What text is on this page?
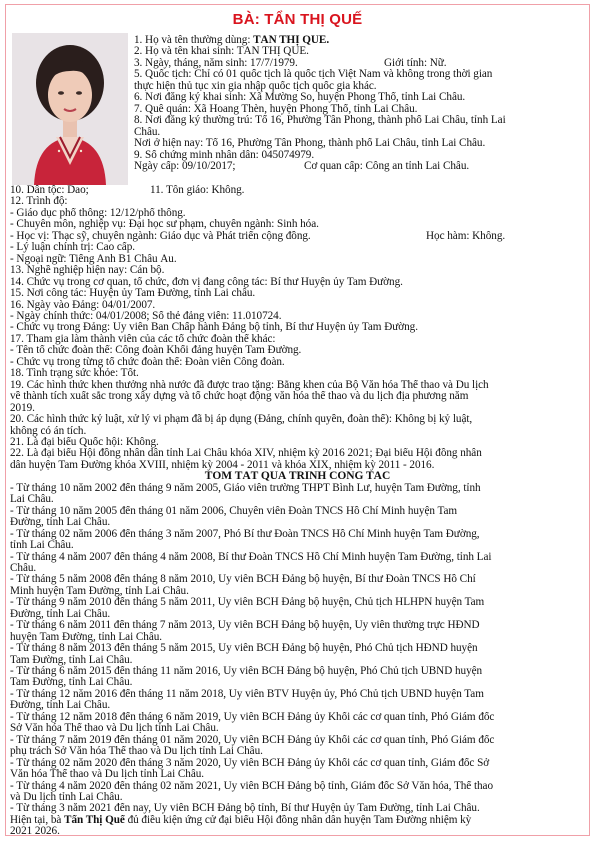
BÀ: TẨN THỊ QUẾ
1. Họ và tên thường dùng: TẨN THỊ QUẾ.
2. Họ và tên khai sinh: TẨN THỊ QUẾ.
3. Ngày, tháng, năm sinh: 17/7/1979.	Giới tính: Nữ.
5. Quốc tịch: Chỉ có 01 quốc tịch là quốc tịch Việt Nam và không trong thời gian
thực hiện thủ tục xin gia nhập quốc tịch quốc gia khác.
6. Nơi đăng ký khai sinh: Xã Mường So, huyện Phong Thổ, tỉnh Lai Châu.
7. Quê quán: Xã Hoang Thèn, huyện Phong Thổ, tỉnh Lai Châu.
8. Nơi đăng ký thường trú: Tổ 16, Phường Tân Phong, thành phố Lai Châu, tỉnh Lai
Châu.
Nơi ở hiện nay: Tổ 16, Phường Tân Phong, thành phố Lai Châu, tỉnh Lai Châu.
9. Số chứng minh nhân dân: 045074979.
Ngày cấp: 09/10/2017;	Cơ quan cấp: Công an tỉnh Lai Châu.
10. Dân tộc: Dao;	11. Tôn giáo: Không.
12. Trình độ:
- Giáo dục phổ thông: 12/12/phổ thông.
- Chuyên môn, nghiệp vụ: Đại học sư phạm, chuyên ngành: Sinh hóa.
- Học vị: Thạc sỹ, chuyên ngành: Giáo dục và Phát triển cộng đồng.	Học hàm: Không.
- Lý luận chính trị: Cao cấp.
- Ngoại ngữ: Tiếng Anh B1 Châu Âu.
13. Nghề nghiệp hiện nay: Cán bộ.
14. Chức vụ trong cơ quan, tổ chức, đơn vị đang công tác: Bí thư Huyện ủy Tam Đường.
15. Nơi công tác: Huyện ủy Tam Đường, tỉnh Lai châu.
16. Ngày vào Đảng: 04/01/2007.
- Ngày chính thức: 04/01/2008; Số thẻ đảng viên: 11.010724.
- Chức vụ trong Đảng: Ủy viên Ban Chấp hành Đảng bộ tỉnh, Bí thư Huyện ủy Tam Đường.
17. Tham gia làm thành viên của các tổ chức đoàn thể khác:
- Tên tổ chức đoàn thể: Công đoàn Khối đảng huyện Tam Đường.
- Chức vụ trong từng tổ chức đoàn thể: Đoàn viên Công đoàn.
18. Tình trạng sức khỏe: Tốt.
19. Các hình thức khen thưởng nhà nước đã được trao tặng: Bằng khen của Bộ Văn hóa Thể thao và Du lịch
về thành tích xuất sắc trong xây dựng và tổ chức hoạt động văn hóa thể thao và du lịch địa phương năm
2019.
20. Các hình thức kỷ luật, xử lý vi phạm đã bị áp dụng (Đảng, chính quyền, đoàn thể): Không bị kỷ luật,
không có án tích.
21. Là đại biểu Quốc hội: Không.
22. Là đại biểu Hội đồng nhân dân tỉnh Lai Châu khóa XIV, nhiệm kỳ 2016 2021; Đại biểu Hội đồng nhân
dân huyện Tam Đường khóa XVIII, nhiệm kỳ 2004 - 2011 và khóa XIX, nhiệm kỳ 2011 - 2016.
TÓM TẮT QUÁ TRÌNH CÔNG TÁC
- Từ tháng 10 năm 2002 đến tháng 9 năm 2005, Giáo viên trường THPT Bình Lư, huyện Tam Đường, tỉnh
Lai Châu.
- Từ tháng 10 năm 2005 đến tháng 01 năm 2006, Chuyên viên Đoàn TNCS Hồ Chí Minh huyện Tam
Đường, tỉnh Lai Châu.
- Từ tháng 02 năm 2006 đến tháng 3 năm 2007, Phó Bí thư Đoàn TNCS Hồ Chí Minh huyện Tam Đường,
tỉnh Lai Châu.
- Từ tháng 4 năm 2007 đến tháng 4 năm 2008, Bí thư Đoàn TNCS Hồ Chí Minh huyện Tam Đường, tỉnh Lai
Châu.
- Từ tháng 5 năm 2008 đến tháng 8 năm 2010, Ủy viên BCH Đảng bộ huyện, Bí thư Đoàn TNCS Hồ Chí
Minh huyện Tam Đường, tỉnh Lai Châu.
- Từ tháng 9 năm 2010 đến tháng 5 năm 2011, Ủy viên BCH Đảng bộ huyện, Chủ tịch HLHPN huyện Tam
Đường, tỉnh Lai Châu.
- Từ tháng 6 năm 2011 đến tháng 7 năm 2013, Ủy viên BCH Đảng bộ huyện, Ủy viên thường trực HĐND
huyện Tam Đường, tỉnh Lai Châu.
- Từ tháng 8 năm 2013 đến tháng 5 năm 2015, Ủy viên BCH Đảng bộ huyện, Phó Chủ tịch HĐND huyện
Tam Đường, tỉnh Lai Châu.
- Từ tháng 6 năm 2015 đến tháng 11 năm 2016, Ủy viên BCH Đảng bộ huyện, Phó Chủ tịch UBND huyện
Tam Đường, tỉnh Lai Châu.
- Từ tháng 12 năm 2016 đến tháng 11 năm 2018, Ủy viên BTV Huyện ủy, Phó Chủ tịch UBND huyện Tam
Đường, tỉnh Lai Châu.
- Từ tháng 12 năm 2018 đến tháng 6 năm 2019, Ủy viên BCH Đảng ủy Khối các cơ quan tỉnh, Phó Giám đốc
Sở Văn hóa Thể thao và Du lịch tỉnh Lai Châu.
- Từ tháng 7 năm 2019 đến tháng 01 năm 2020, Ủy viên BCH Đảng ủy Khối các cơ quan tỉnh, Phó Giám đốc
phụ trách Sở Văn hóa Thể thao và Du lịch tỉnh Lai Châu.
- Từ tháng 02 năm 2020 đến tháng 3 năm 2020, Ủy viên BCH Đảng ủy Khối các cơ quan tỉnh, Giám đốc Sở
Văn hóa Thể thao và Du lịch tỉnh Lai Châu.
- Từ tháng 4 năm 2020 đến tháng 02 năm 2021, Ủy viên BCH Đảng bộ tỉnh, Giám đốc Sở Văn hóa, Thể thao
và Du lịch tỉnh Lai Châu.
- Từ tháng 3 năm 2021 đến nay, Ủy viên BCH Đảng bộ tỉnh, Bí thư Huyện ủy Tam Đường, tỉnh Lai Châu.
Hiện tại, bà Tẩn Thị Quế đủ điều kiện ứng cử đại biểu Hội đồng nhân dân huyện Tam Đường nhiệm kỳ
2021 2026.
